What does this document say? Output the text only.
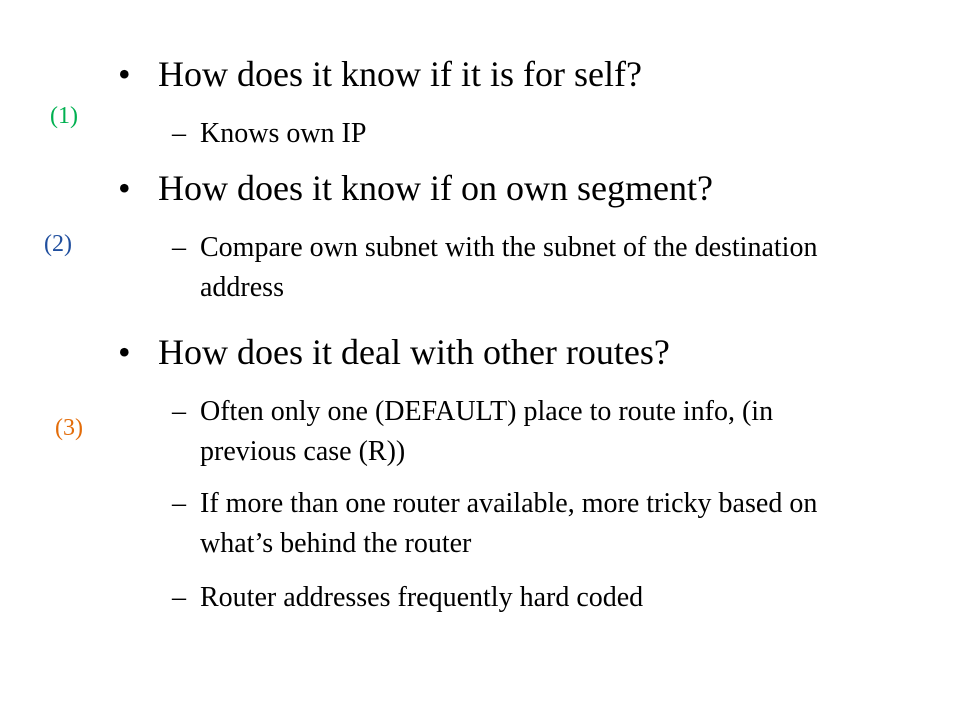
(1)
(2)
(3)
• How does it know if it is for self?
– Knows own IP
• How does it know if on own segment?
– Compare own subnet with the subnet of the destination address
• How does it deal with other routes?
– Often only one (DEFAULT) place to route info, (in previous case (R))
– If more than one router available, more tricky based on what’s behind the router
– Router addresses frequently hard coded
